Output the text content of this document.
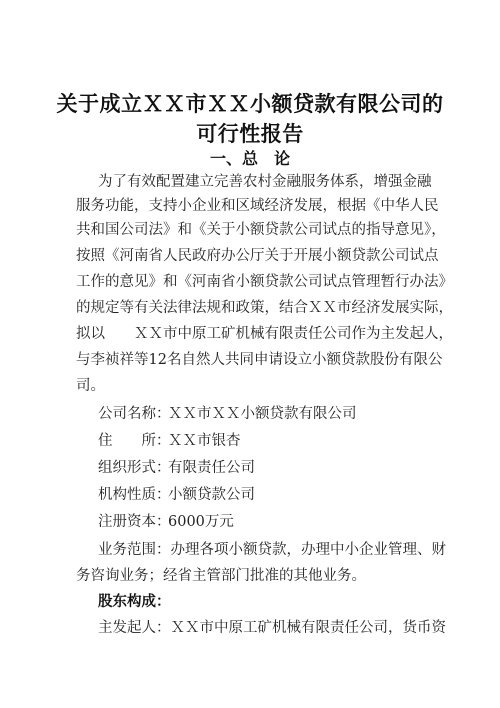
关于成立ＸＸ市ＸＸ小额贷款有限公司的
可行性报告
一、总　论
为了有效配置建立完善农村金融服务体系，增强金融
服务功能，支持小企业和区域经济发展，根据《中华人民
共和国公司法》和《关于小额贷款公司试点的指导意见》，
按照《河南省人民政府办公厅关于开展小额贷款公司试点
工作的意见》和《河南省小额贷款公司试点管理暂行办法》
的规定等有关法律法规和政策，结合ＸＸ市经济发展实际，
拟以　　ＸＸ市中原工矿机械有限责任公司作为主发起人，
与李祯祥等12名自然人共同申请设立小额贷款股份有限公
司。
公司名称：ＸＸ市ＸＸ小额贷款有限公司
住　　所：ＸＸ市银杏
组织形式：有限责任公司
机构性质：小额贷款公司
注册资本：6000万元
业务范围：办理各项小额贷款，办理中小企业管理、财
务咨询业务；经省主管部门批准的其他业务。
股东构成：
主发起人：ＸＸ市中原工矿机械有限责任公司，货币资
